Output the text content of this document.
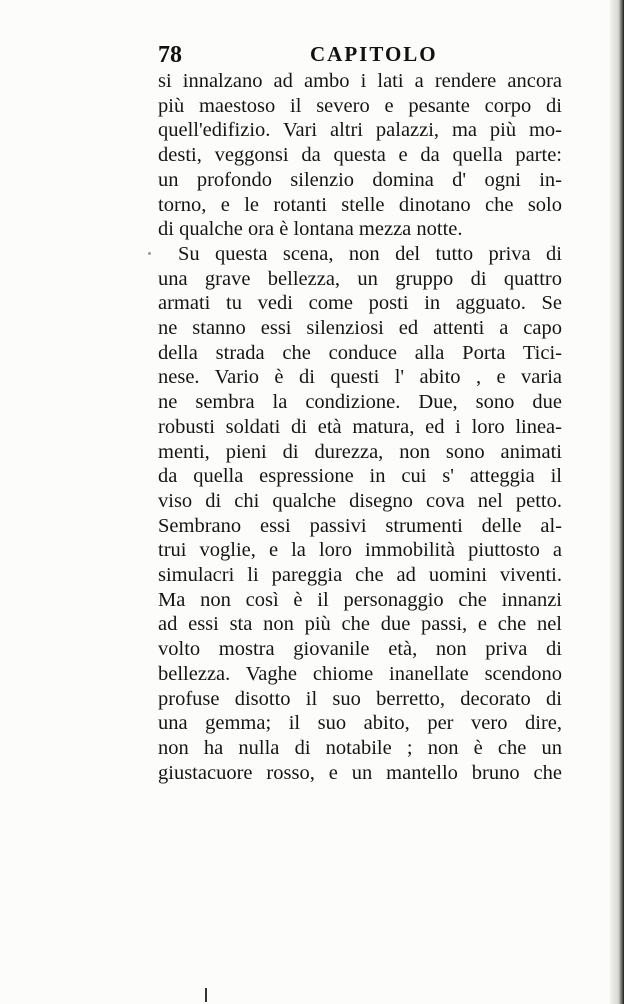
78	CAPITOLO
si innalzano ad ambo i lati a rendere ancora
più maestoso il severo e pesante corpo di
quell'edifizio. Vari altri palazzi, ma più mo-
desti, veggonsi da questa e da quella parte:
un profondo silenzio domina d' ogni in-
torno, e le rotanti stelle dinotano che solo
di qualche ora è lontana mezza notte.
Su questa scena, non del tutto priva di
una grave bellezza, un gruppo di quattro
armati tu vedi come posti in agguato. Se
ne stanno essi silenziosi ed attenti a capo
della strada che conduce alla Porta Tici-
nese. Vario è di questi l' abito , e varia
ne sembra la condizione. Due, sono due
robusti soldati di età matura, ed i loro linea-
menti, pieni di durezza, non sono animati
da quella espressione in cui s' atteggia il
viso di chi qualche disegno cova nel petto.
Sembrano essi passivi strumenti delle al-
trui voglie, e la loro immobilità piuttosto a
simulacri li pareggia che ad uomini viventi.
Ma non così è il personaggio che innanzi
ad essi sta non più che due passi, e che nel
volto mostra giovanile età, non priva di
bellezza. Vaghe chiome inanellate scendono
profuse disotto il suo berretto, decorato di
una gemma; il suo abito, per vero dire,
non ha nulla di notabile ; non è che un
giustacuore rosso, e un mantello bruno che
